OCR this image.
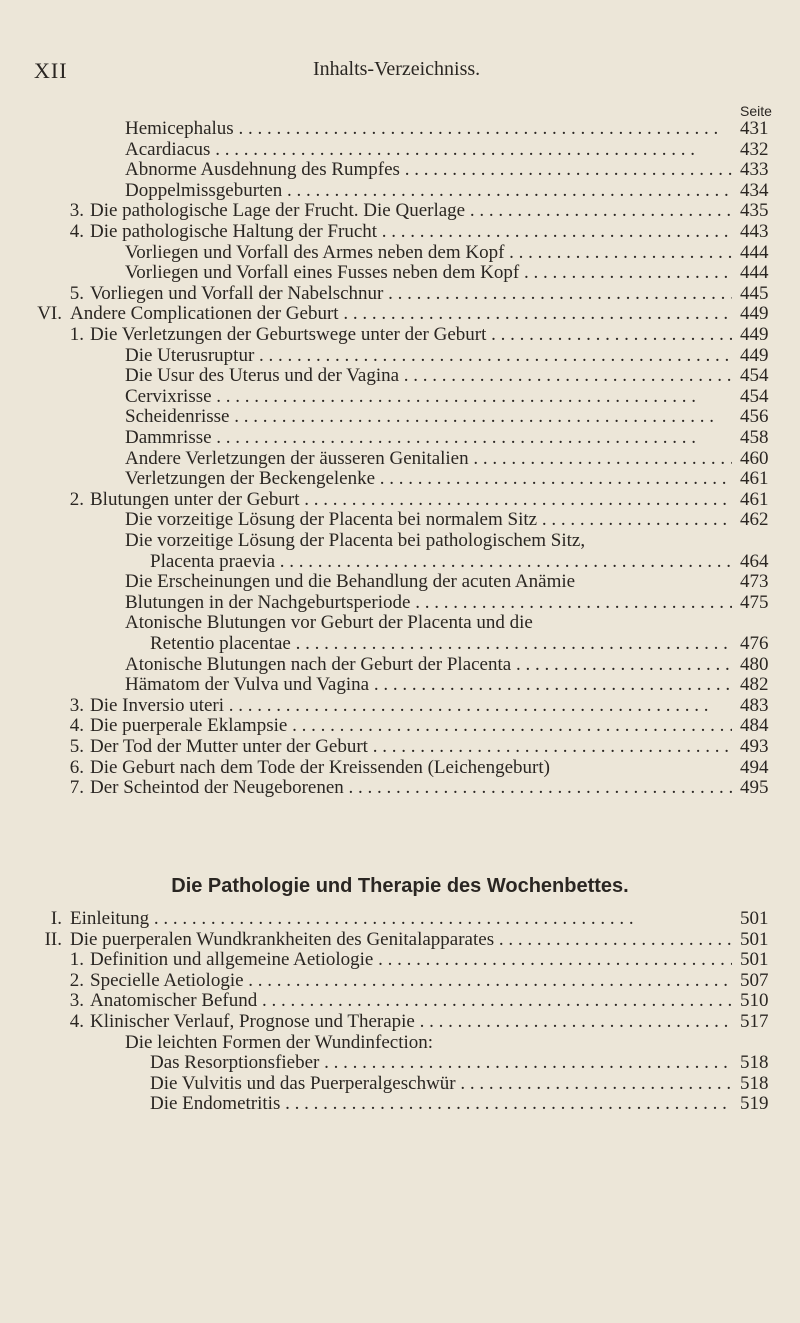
XII	Inhalts-Verzeichniss.
Seite
Hemicephalus . . .	431
Acardiacus . . .	432
Abnorme Ausdehnung des Rumpfes . . .	433
Doppelmissgeburten . . .	434
3. Die pathologische Lage der Frucht. Die Querlage . . .	435
4. Die pathologische Haltung der Frucht . . .	443
Vorliegen und Vorfall des Armes neben dem Kopf . . .	444
Vorliegen und Vorfall eines Fusses neben dem Kopf . . .	444
5. Vorliegen und Vorfall der Nabelschnur . . .	445
VI. Andere Complicationen der Geburt . . .	449
1. Die Verletzungen der Geburtswege unter der Geburt . . .	449
Die Uterusruptur . . .	449
Die Usur des Uterus und der Vagina . . .	454
Cervixrisse . . .	454
Scheidenrisse . . .	456
Dammrisse . . .	458
Andere Verletzungen der äusseren Genitalien . . .	460
Verletzungen der Beckengelenke . . .	461
2. Blutungen unter der Geburt . . .	461
Die vorzeitige Lösung der Placenta bei normalem Sitz . . .	462
Die vorzeitige Lösung der Placenta bei pathologischem Sitz,
Placenta praevia . . .	464
Die Erscheinungen und die Behandlung der acuten Anämie	473
Blutungen in der Nachgeburtsperiode . . .	475
Atonische Blutungen vor Geburt der Placenta und die
Retentio placentae . . .	476
Atonische Blutungen nach der Geburt der Placenta . . .	480
Hämatom der Vulva und Vagina . . .	482
3. Die Inversio uteri . . .	483
4. Die puerperale Eklampsie . . .	484
5. Der Tod der Mutter unter der Geburt . . .	493
6. Die Geburt nach dem Tode der Kreissenden (Leichengeburt)	494
7. Der Scheintod der Neugeborenen . . .	495
Die Pathologie und Therapie des Wochenbettes.
I. Einleitung . . .	501
II. Die puerperalen Wundkrankheiten des Genitalapparates . . .	501
1. Definition und allgemeine Aetiologie . . .	501
2. Specielle Aetiologie . . .	507
3. Anatomischer Befund . . .	510
4. Klinischer Verlauf, Prognose und Therapie . . .	517
Die leichten Formen der Wundinfection:
Das Resorptionsfieber . . .	518
Die Vulvitis und das Puerperalgeschwür . . .	518
Die Endometritis . . .	519
